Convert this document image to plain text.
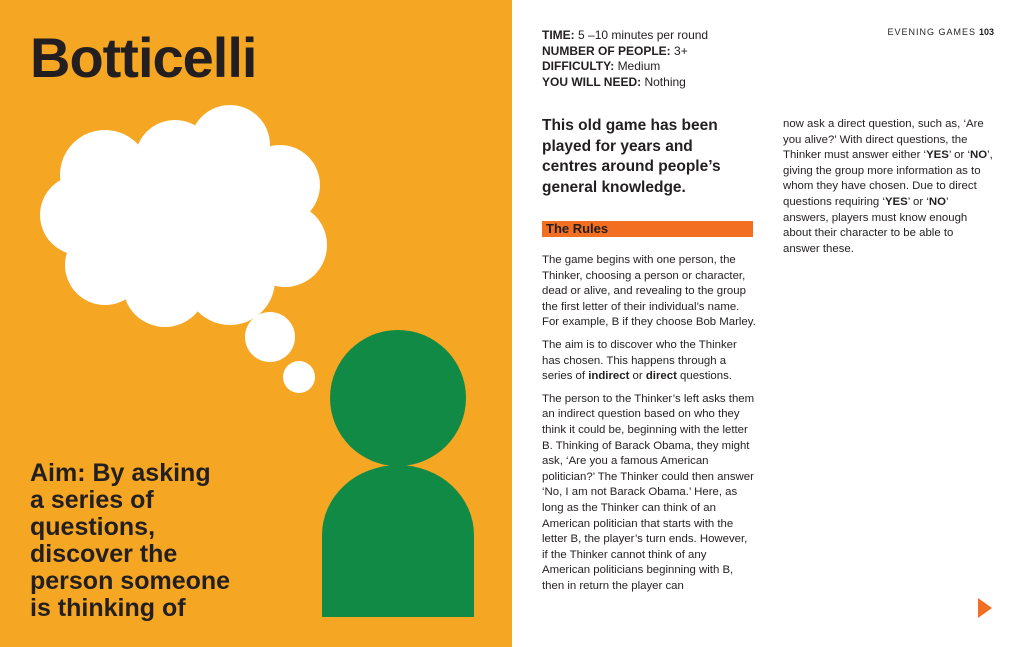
Botticelli
Aim: By asking
a series of
questions,
discover the
person someone
is thinking of
EVENING GAMES 103
TIME: 5 –10 minutes per round
NUMBER OF PEOPLE: 3+
DIFFICULTY: Medium
YOU WILL NEED: Nothing
This old game has been played for years and centres around people’s general knowledge.
The Rules

The game begins with one person, the Thinker, choosing a person or character, dead or alive, and revealing to the group the first letter of their individual’s name. For example, B if they choose Bob Marley.

The aim is to discover who the Thinker has chosen. This happens through a series of indirect or direct questions.

The person to the Thinker’s left asks them an indirect question based on who they think it could be, beginning with the letter B. Thinking of Barack Obama, they might ask, ‘Are you a famous American politician?’ The Thinker could then answer ‘No, I am not Barack Obama.’ Here, as long as the Thinker can think of an American politician that starts with the letter B, the player’s turn ends. However, if the Thinker cannot think of any American politicians beginning with B, then in return the player can

now ask a direct question, such as, ‘Are you alive?’ With direct questions, the Thinker must answer either ‘YES’ or ‘NO’, giving the group more information as to whom they have chosen. Due to direct questions requiring ‘YES’ or ‘NO’ answers, players must know enough about their character to be able to answer these.
